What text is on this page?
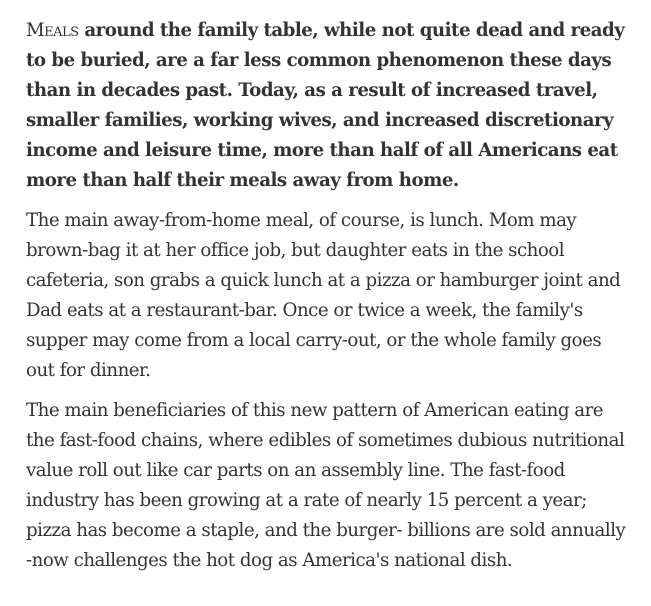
Meals around the family table, while not quite dead and ready to be buried, are a far less common phenomenon these days than in decades past. Today, as a result of increased travel, smaller families, working wives, and increased discretionary income and leisure time, more than half of all Americans eat more than half their meals away from home.

The main away-from-home meal, of course, is lunch. Mom may brown-bag it at her office job, but daughter eats in the school cafeteria, son grabs a quick lunch at a pizza or hamburger joint and Dad eats at a restaurant-bar. Once or twice a week, the family's supper may come from a local carry-out, or the whole family goes out for dinner.

The main beneficiaries of this new pattern of American eating are the fast-food chains, where edibles of sometimes dubious nutritional value roll out like car parts on an assembly line. The fast-food industry has been growing at a rate of nearly 15 percent a year; pizza has become a staple, and the burger- billions are sold annually -now challenges the hot dog as America's national dish.
